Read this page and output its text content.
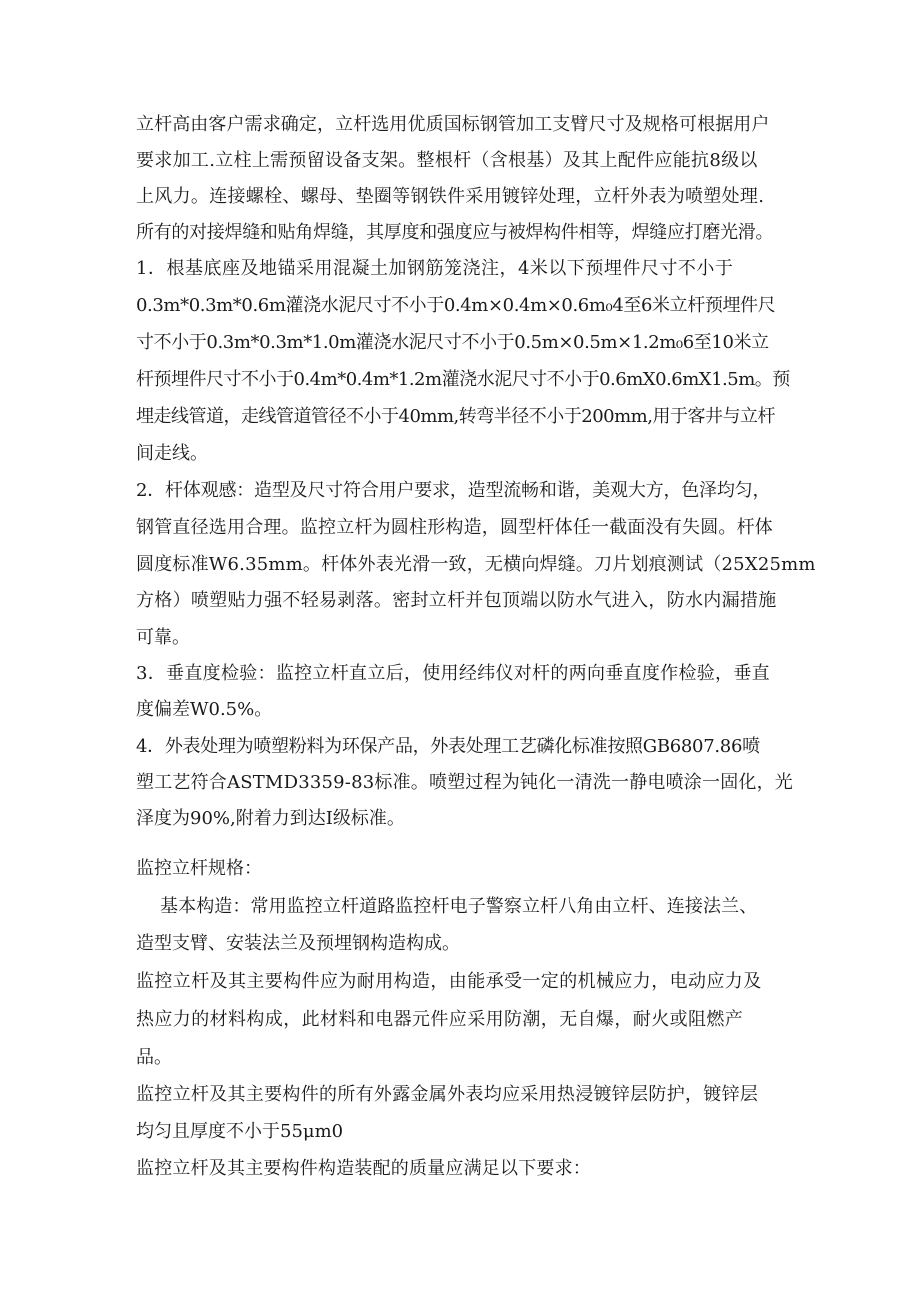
立杆高由客户需求确定，立杆选用优质国标钢管加工支臂尺寸及规格可根据用户

要求加工.立柱上需预留设备支架。整根杆（含根基）及其上配件应能抗8级以

上风力。连接螺栓、螺母、垫圈等钢铁件采用镀锌处理，立杆外表为喷塑处理.

所有的对接焊缝和贴角焊缝，其厚度和强度应与被焊构件相等，焊缝应打磨光滑。

1．根基底座及地锚采用混凝土加钢筋笼浇注，4米以下预埋件尺寸不小于

0.3m*0.3m*0.6m灌浇水泥尺寸不小于0.4m×0.4m×0.6m₀4至6米立杆预埋件尺

寸不小于0.3m*0.3m*1.0m灌浇水泥尺寸不小于0.5m×0.5m×1.2m₀6至10米立

杆预埋件尺寸不小于0.4m*0.4m*1.2m灌浇水泥尺寸不小于0.6mX0.6mX1.5m。预

埋走线管道，走线管道管径不小于40mm,转弯半径不小于200mm,用于客井与立杆

间走线。

2．杆体观感：造型及尺寸符合用户要求，造型流畅和谐，美观大方，色泽均匀，

钢管直径选用合理。监控立杆为圆柱形构造，圆型杆体任一截面没有失圆。杆体

圆度标准W6.35mm。杆体外表光滑一致，无横向焊缝。刀片划痕测试（25X25mm

方格）喷塑贴力强不轻易剥落。密封立杆并包顶端以防水气进入，防水内漏措施

可靠。

3．垂直度检验：监控立杆直立后，使用经纬仪对杆的两向垂直度作检验，垂直

度偏差W0.5%。

4．外表处理为喷塑粉料为环保产品，外表处理工艺磷化标准按照GB6807.86喷

塑工艺符合ASTMD3359-83标准。喷塑过程为钝化一清洗一静电喷涂一固化，光

泽度为90%,附着力到达Ⅰ级标准。

监控立杆规格：

基本构造：常用监控立杆道路监控杆电子警察立杆八角由立杆、连接法兰、

造型支臂、安装法兰及预埋钢构造构成。

监控立杆及其主要构件应为耐用构造，由能承受一定的机械应力，电动应力及

热应力的材料构成，此材料和电器元件应采用防潮，无自爆，耐火或阻燃产

品。

监控立杆及其主要构件的所有外露金属外表均应采用热浸镀锌层防护，镀锌层

均匀且厚度不小于55μm0

监控立杆及其主要构件构造装配的质量应满足以下要求：
